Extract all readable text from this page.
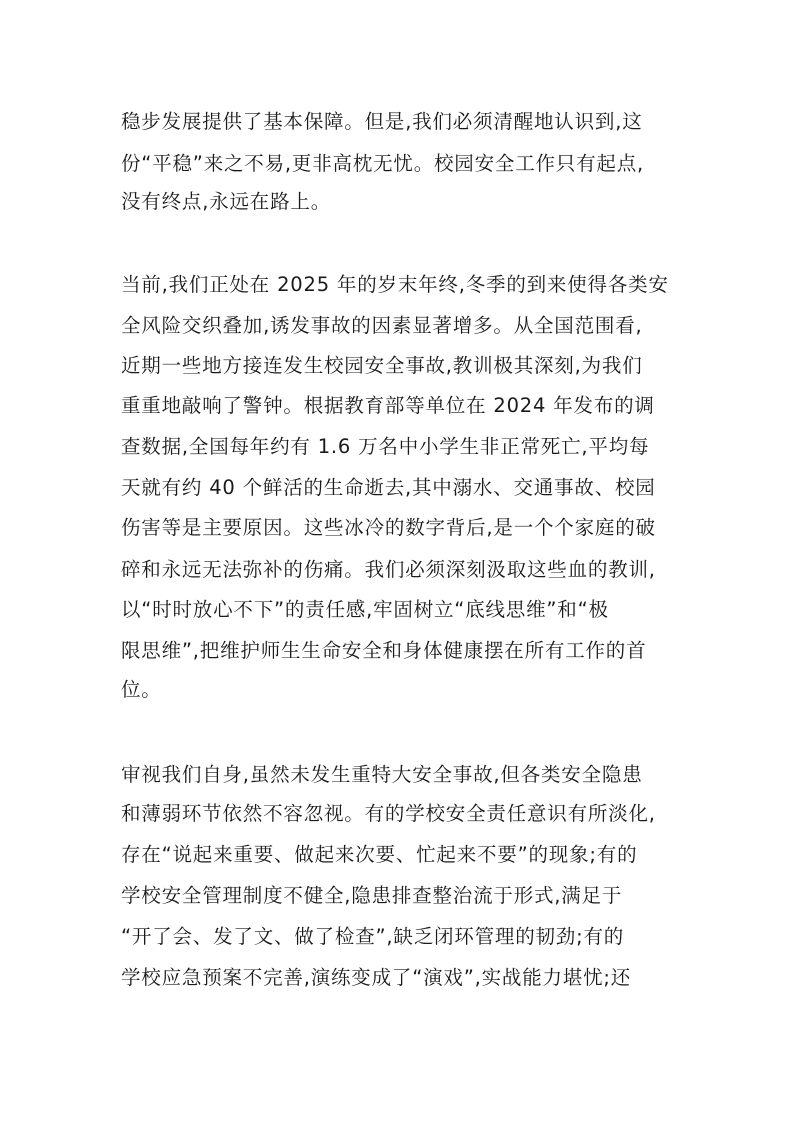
稳步发展提供了基本保障。但是,我们必须清醒地认识到,这
份“平稳”来之不易,更非高枕无忧。校园安全工作只有起点,
没有终点,永远在路上。
当前,我们正处在 2025 年的岁末年终,冬季的到来使得各类安
全风险交织叠加,诱发事故的因素显著增多。从全国范围看,
近期一些地方接连发生校园安全事故,教训极其深刻,为我们
重重地敲响了警钟。根据教育部等单位在 2024 年发布的调
查数据,全国每年约有 1.6 万名中小学生非正常死亡,平均每
天就有约 40 个鲜活的生命逝去,其中溺水、交通事故、校园
伤害等是主要原因。这些冰冷的数字背后,是一个个家庭的破
碎和永远无法弥补的伤痛。我们必须深刻汲取这些血的教训,
以“时时放心不下”的责任感,牢固树立“底线思维”和“极
限思维”,把维护师生生命安全和身体健康摆在所有工作的首
位。
审视我们自身,虽然未发生重特大安全事故,但各类安全隐患
和薄弱环节依然不容忽视。有的学校安全责任意识有所淡化,
存在“说起来重要、做起来次要、忙起来不要”的现象;有的
学校安全管理制度不健全,隐患排查整治流于形式,满足于
“开了会、发了文、做了检查”,缺乏闭环管理的韧劲;有的
学校应急预案不完善,演练变成了“演戏”,实战能力堪忧;还
